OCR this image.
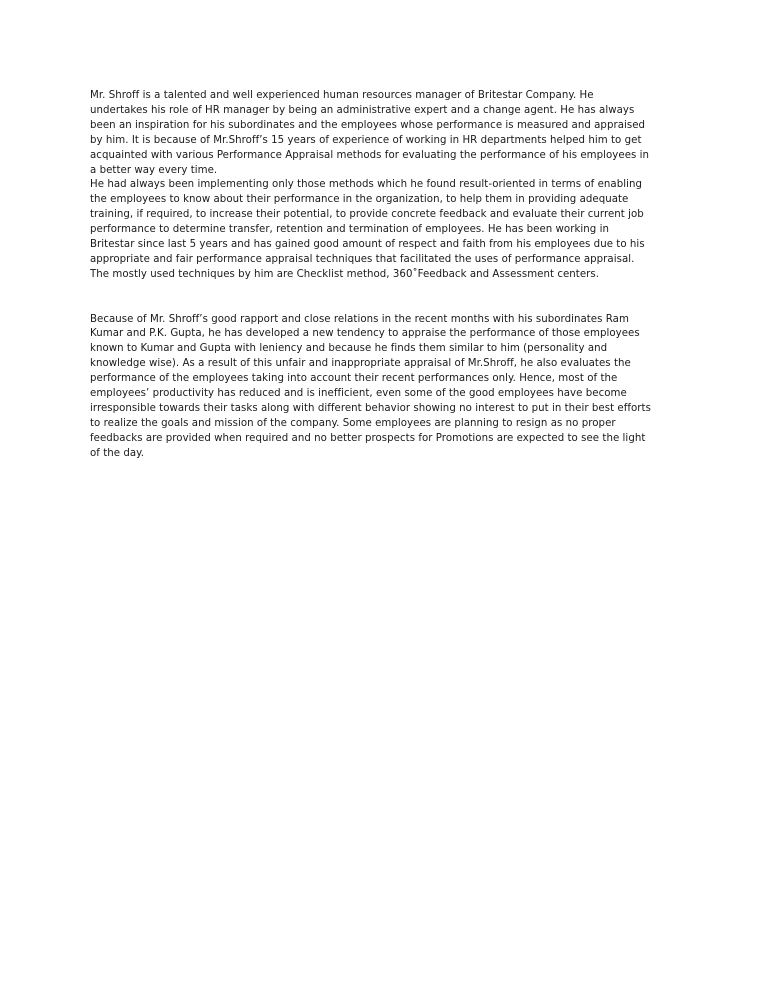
Mr. Shroff is a talented and well experienced human resources manager of Britestar Company. He
undertakes his role of HR manager by being an administrative expert and a change agent. He has always
been an inspiration for his subordinates and the employees whose performance is measured and appraised
by him. It is because of Mr.Shroff’s 15 years of experience of working in HR departments helped him to get
acquainted with various Performance Appraisal methods for evaluating the performance of his employees in
a better way every time.
He had always been implementing only those methods which he found result-oriented in terms of enabling
the employees to know about their performance in the organization, to help them in providing adequate
training, if required, to increase their potential, to provide concrete feedback and evaluate their current job
performance to determine transfer, retention and termination of employees. He has been working in
Britestar since last 5 years and has gained good amount of respect and faith from his employees due to his
appropriate and fair performance appraisal techniques that facilitated the uses of performance appraisal.
The mostly used techniques by him are Checklist method, 360˚Feedback and Assessment centers.
Because of Mr. Shroff’s good rapport and close relations in the recent months with his subordinates Ram
Kumar and P.K. Gupta, he has developed a new tendency to appraise the performance of those employees
known to Kumar and Gupta with leniency and because he finds them similar to him (personality and
knowledge wise). As a result of this unfair and inappropriate appraisal of Mr.Shroff, he also evaluates the
performance of the employees taking into account their recent performances only. Hence, most of the
employees’ productivity has reduced and is inefficient, even some of the good employees have become
irresponsible towards their tasks along with different behavior showing no interest to put in their best efforts
to realize the goals and mission of the company. Some employees are planning to resign as no proper
feedbacks are provided when required and no better prospects for Promotions are expected to see the light
of the day.
